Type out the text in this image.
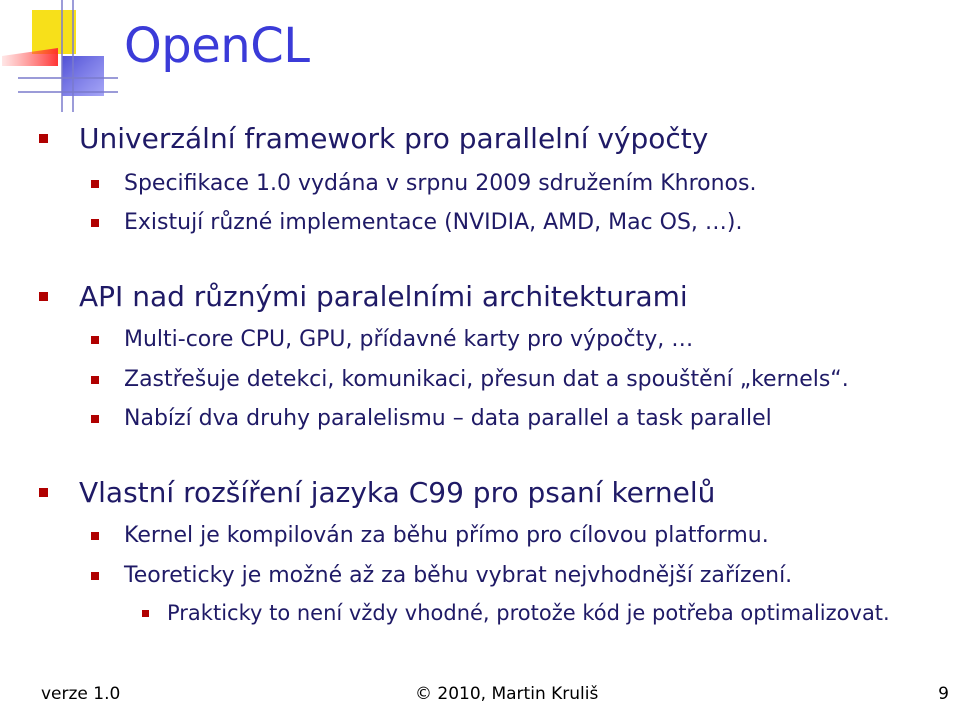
OpenCL
Univerzální framework pro parallelní výpočty
Specifikace 1.0 vydána v srpnu 2009 sdružením Khronos.
Existují různé implementace (NVIDIA, AMD, Mac OS, …).
API nad různými paralelními architekturami
Multi-core CPU, GPU, přídavné karty pro výpočty, …
Zastřešuje detekci, komunikaci, přesun dat a spouštění „kernels“.
Nabízí dva druhy paralelismu – data parallel a task parallel
Vlastní rozšíření jazyka C99 pro psaní kernelů
Kernel je kompilován za běhu přímo pro cílovou platformu.
Teoreticky je možné až za běhu vybrat nejvhodnější zařízení.
Prakticky to není vždy vhodné, protože kód je potřeba optimalizovat.
verze 1.0	© 2010, Martin Kruliš	9
